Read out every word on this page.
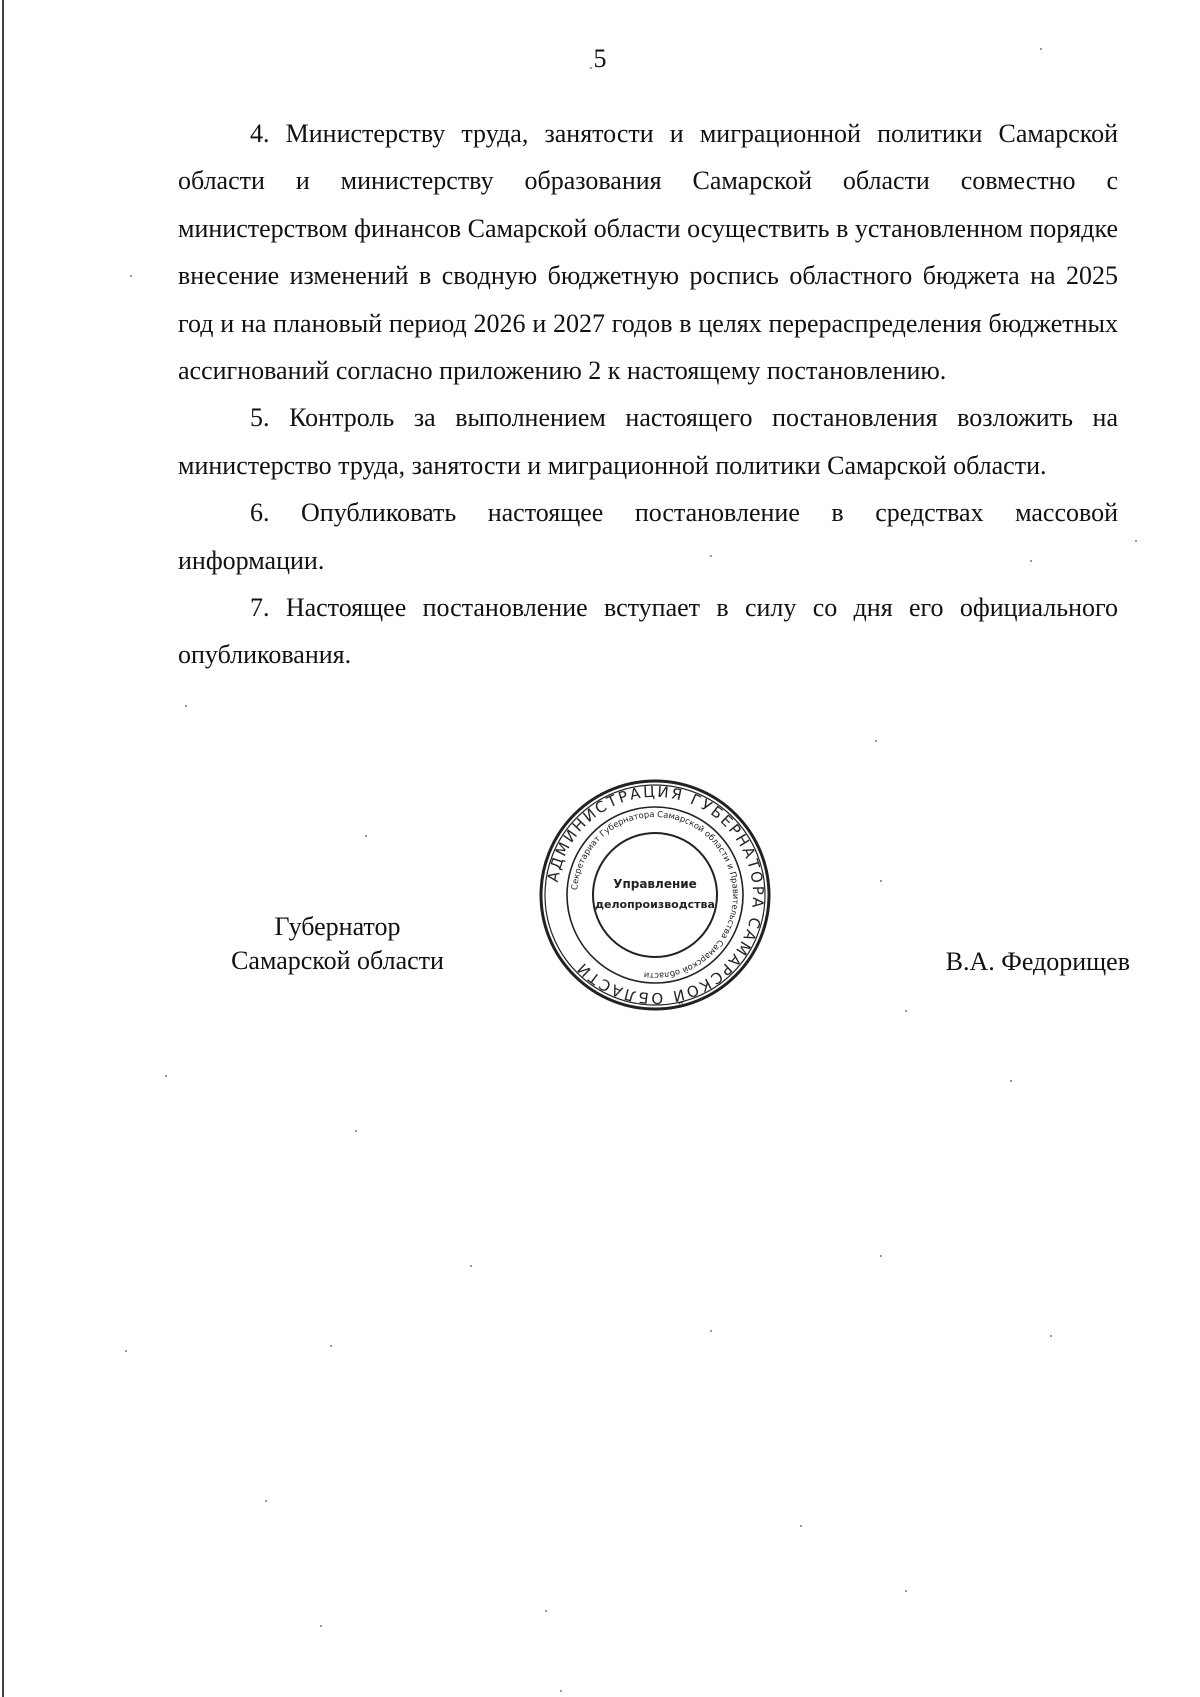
5

4. Министерству труда, занятости и миграционной политики Самарской области и министерству образования Самарской области совместно с министерством финансов Самарской области осуществить в установленном порядке внесение изменений в сводную бюджетную роспись областного бюджета на 2025 год и на плановый период 2026 и 2027 годов в целях перераспределения бюджетных ассигнований согласно приложению 2 к настоящему постановлению.

5. Контроль за выполнением настоящего постановления возложить на министерство труда, занятости и миграционной политики Самарской области.

6. Опубликовать настоящее постановление в средствах массовой информации.

7. Настоящее постановление вступает в силу со дня его официального опубликования.

Губернатор
Самарской области	В.А. Федорищев
АДМИНИСТРАЦИЯ ГУБЕРНАТОРА САМАРСКОЙ ОБЛАСТИ
Секретариат Губернатора Самарской области и Правительства Самарской области
Управление
делопроизводства
